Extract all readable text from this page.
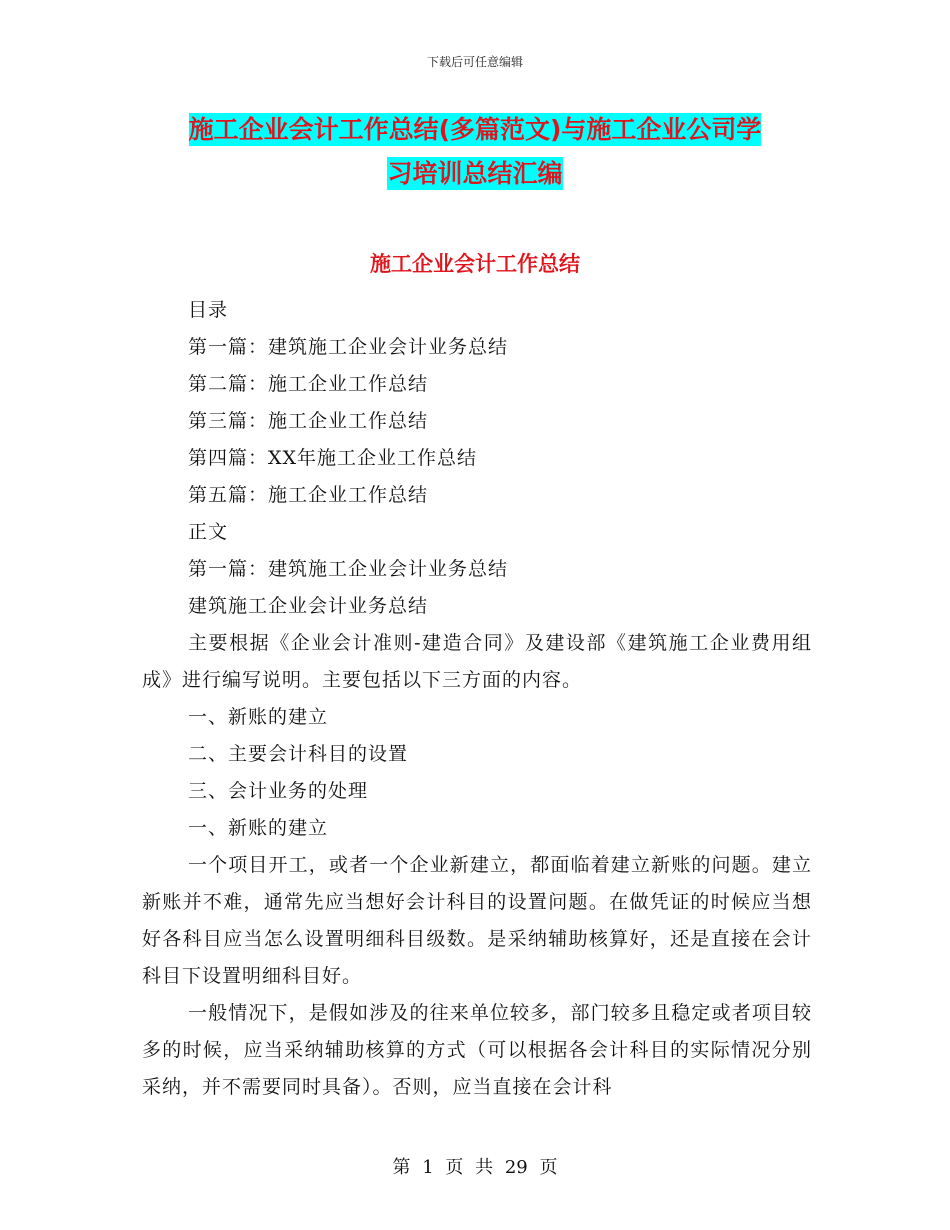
下载后可任意编辑
施工企业会计工作总结(多篇范文)与施工企业公司学
习培训总结汇编
施工企业会计工作总结
目录
第一篇：建筑施工企业会计业务总结
第二篇：施工企业工作总结
第三篇：施工企业工作总结
第四篇：XX年施工企业工作总结
第五篇：施工企业工作总结
正文
第一篇：建筑施工企业会计业务总结
建筑施工企业会计业务总结

主要根据《企业会计准则-建造合同》及建设部《建筑施工企业费用组成》进行编写说明。主要包括以下三方面的内容。

一、新账的建立
二、主要会计科目的设置
三、会计业务的处理
一、新账的建立

一个项目开工，或者一个企业新建立，都面临着建立新账的问题。建立新账并不难，通常先应当想好会计科目的设置问题。在做凭证的时候应当想好各科目应当怎么设置明细科目级数。是采纳辅助核算好，还是直接在会计科目下设置明细科目好。

一般情况下，是假如涉及的往来单位较多，部门较多且稳定或者项目较多的时候，应当采纳辅助核算的方式（可以根据各会计科目的实际情况分别采纳，并不需要同时具备）。否则，应当直接在会计科

第 1 页 共 29 页
